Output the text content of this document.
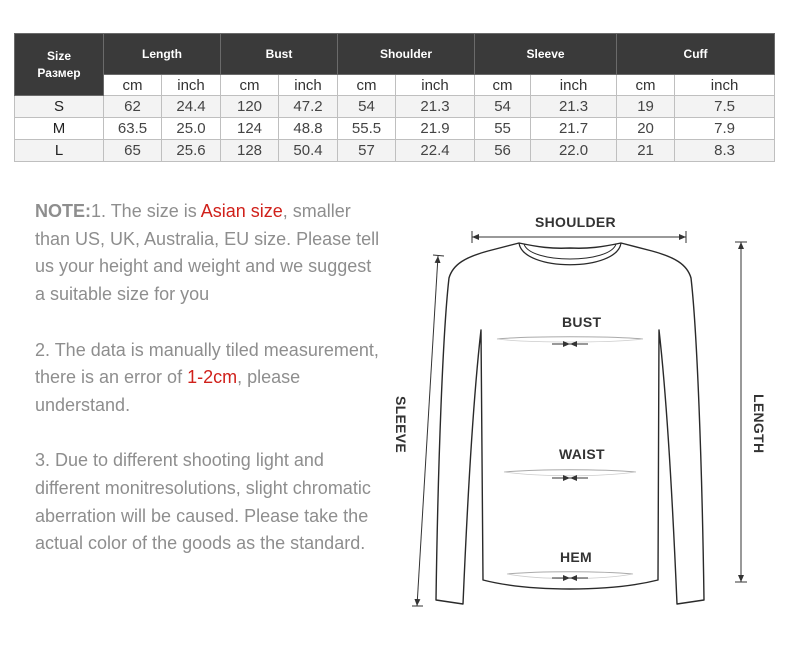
Size
Размер	Length		Bust		Shoulder		Sleeve		Cuff	
	cm	inch	cm	inch	cm	inch	cm	inch	cm	inch
S	62	24.4	120	47.2	54	21.3	54	21.3	19	7.5
M	63.5	25.0	124	48.8	55.5	21.9	55	21.7	20	7.9
L	65	25.6	128	50.4	57	22.4	56	22.0	21	8.3

NOTE:1. The size is Asian size, smaller than US, UK, Australia, EU size. Please tell us your height and weight and we suggest a suitable size for you

2. The data is manually tiled measurement, there is an error of 1-2cm, please understand.

3. Due to different shooting light and different monitresolutions, slight chromatic aberration will be caused. Please take the actual color of the goods as the standard.

SHOULDER
BUST
WAIST
HEM
SLEEVE	LENGTH
